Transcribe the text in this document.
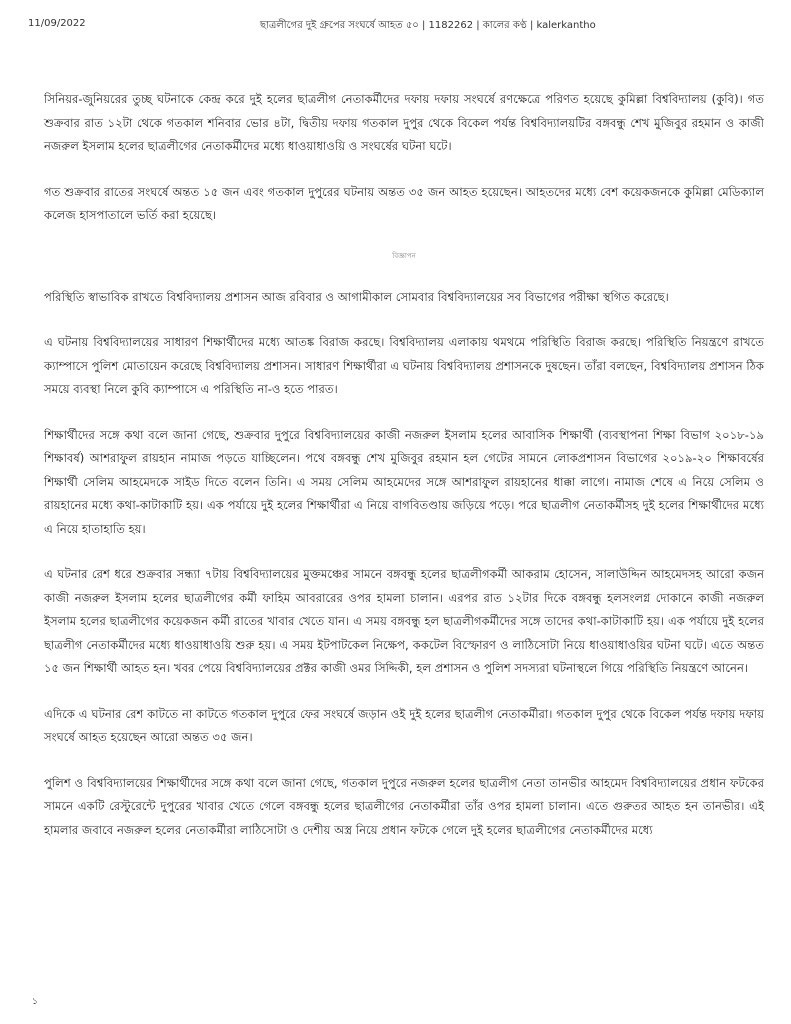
11/09/2022	ছাত্রলীগের দুই গ্রুপের সংঘর্ষে আহত ৫০ | 1182262 | কালের কণ্ঠ | kalerkantho

সিনিয়র-জুনিয়রের তুচ্ছ ঘটনাকে কেন্দ্র করে দুই হলের ছাত্রলীগ নেতাকর্মীদের দফায় দফায় সংঘর্ষে রণক্ষেত্রে পরিণত হয়েছে কুমিল্লা বিশ্ববিদ্যালয় (কুবি)। গত শুক্রবার রাত ১২টা থেকে গতকাল শনিবার ভোর ৪টা, দ্বিতীয় দফায় গতকাল দুপুর থেকে বিকেল পর্যন্ত বিশ্ববিদ্যালয়টির বঙ্গবন্ধু শেখ মুজিবুর রহমান ও কাজী নজরুল ইসলাম হলের ছাত্রলীগের নেতাকর্মীদের মধ্যে ধাওয়াধাওয়ি ও সংঘর্ষের ঘটনা ঘটে।

গত শুক্রবার রাতের সংঘর্ষে অন্তত ১৫ জন এবং গতকাল দুপুরের ঘটনায় অন্তত ৩৫ জন আহত হয়েছেন। আহতদের মধ্যে বেশ কয়েকজনকে কুমিল্লা মেডিক্যাল কলেজ হাসপাতালে ভর্তি করা হয়েছে।

বিজ্ঞাপন

পরিস্থিতি স্বাভাবিক রাখতে বিশ্ববিদ্যালয় প্রশাসন আজ রবিবার ও আগামীকাল সোমবার বিশ্ববিদ্যালয়ের সব বিভাগের পরীক্ষা স্থগিত করেছে।

এ ঘটনায় বিশ্ববিদ্যালয়ের সাধারণ শিক্ষার্থীদের মধ্যে আতঙ্ক বিরাজ করছে। বিশ্ববিদ্যালয় এলাকায় থমথমে পরিস্থিতি বিরাজ করছে। পরিস্থিতি নিয়ন্ত্রণে রাখতে ক্যাম্পাসে পুলিশ মোতায়েন করেছে বিশ্ববিদ্যালয় প্রশাসন। সাধারণ শিক্ষার্থীরা এ ঘটনায় বিশ্ববিদ্যালয় প্রশাসনকে দুষছেন। তাঁরা বলছেন, বিশ্ববিদ্যালয় প্রশাসন ঠিক সময়ে ব্যবস্থা নিলে কুবি ক্যাম্পাসে এ পরিস্থিতি না-ও হতে পারত।

শিক্ষার্থীদের সঙ্গে কথা বলে জানা গেছে, শুক্রবার দুপুরে বিশ্ববিদ্যালয়ের কাজী নজরুল ইসলাম হলের আবাসিক শিক্ষার্থী (ব্যবস্থাপনা শিক্ষা বিভাগ ২০১৮-১৯ শিক্ষাবর্ষ) আশরাফুল রায়হান নামাজ পড়তে যাচ্ছিলেন। পথে বঙ্গবন্ধু শেখ মুজিবুর রহমান হল গেটের সামনে লোকপ্রশাসন বিভাগের ২০১৯-২০ শিক্ষাবর্ষের শিক্ষার্থী সেলিম আহমেদকে সাইড দিতে বলেন তিনি। এ সময় সেলিম আহমেদের সঙ্গে আশরাফুল রায়হানের ধাক্কা লাগে। নামাজ শেষে এ নিয়ে সেলিম ও রায়হানের মধ্যে কথা-কাটাকাটি হয়। এক পর্যায়ে দুই হলের শিক্ষার্থীরা এ নিয়ে বাগবিতণ্ডায় জড়িয়ে পড়ে। পরে ছাত্রলীগ নেতাকর্মীসহ দুই হলের শিক্ষার্থীদের মধ্যে এ নিয়ে হাতাহাতি হয়।

এ ঘটনার রেশ ধরে শুক্রবার সন্ধ্যা ৭টায় বিশ্ববিদ্যালয়ের মুক্তমঞ্চের সামনে বঙ্গবন্ধু হলের ছাত্রলীগকর্মী আকরাম হোসেন, সালাউদ্দিন আহমেদসহ আরো কজন কাজী নজরুল ইসলাম হলের ছাত্রলীগের কর্মী ফাহিম আবরারের ওপর হামলা চালান। এরপর রাত ১২টার দিকে বঙ্গবন্ধু হলসংলগ্ন দোকানে কাজী নজরুল ইসলাম হলের ছাত্রলীগের কয়েকজন কর্মী রাতের খাবার খেতে যান। এ সময় বঙ্গবন্ধু হল ছাত্রলীগকর্মীদের সঙ্গে তাদের কথা-কাটাকাটি হয়। এক পর্যায়ে দুই হলের ছাত্রলীগ নেতাকর্মীদের মধ্যে ধাওয়াধাওয়ি শুরু হয়। এ সময় ইটপাটকেল নিক্ষেপ, ককটেল বিস্ফোরণ ও লাঠিসোটা নিয়ে ধাওয়াধাওয়ির ঘটনা ঘটে। এতে অন্তত ১৫ জন শিক্ষার্থী আহত হন। খবর পেয়ে বিশ্ববিদ্যালয়ের প্রক্টর কাজী ওমর সিদ্দিকী, হল প্রশাসন ও পুলিশ সদস্যরা ঘটনাস্থলে গিয়ে পরিস্থিতি নিয়ন্ত্রণে আনেন।

এদিকে এ ঘটনার রেশ কাটতে না কাটতে গতকাল দুপুরে ফের সংঘর্ষে জড়ান ওই দুই হলের ছাত্রলীগ নেতাকর্মীরা। গতকাল দুপুর থেকে বিকেল পর্যন্ত দফায় দফায় সংঘর্ষে আহত হয়েছেন আরো অন্তত ৩৫ জন।

পুলিশ ও বিশ্ববিদ্যালয়ের শিক্ষার্থীদের সঙ্গে কথা বলে জানা গেছে, গতকাল দুপুরে নজরুল হলের ছাত্রলীগ নেতা তানভীর আহমেদ বিশ্ববিদ্যালয়ের প্রধান ফটকের সামনে একটি রেস্টুরেন্টে দুপুরের খাবার খেতে গেলে বঙ্গবন্ধু হলের ছাত্রলীগের নেতাকর্মীরা তাঁর ওপর হামলা চালান। এতে গুরুতর আহত হন তানভীর। এই হামলার জবাবে নজরুল হলের নেতাকর্মীরা লাঠিসোটা ও দেশীয় অস্ত্র নিয়ে প্রধান ফটকে গেলে দুই হলের ছাত্রলীগের নেতাকর্মীদের মধ্যে

১
